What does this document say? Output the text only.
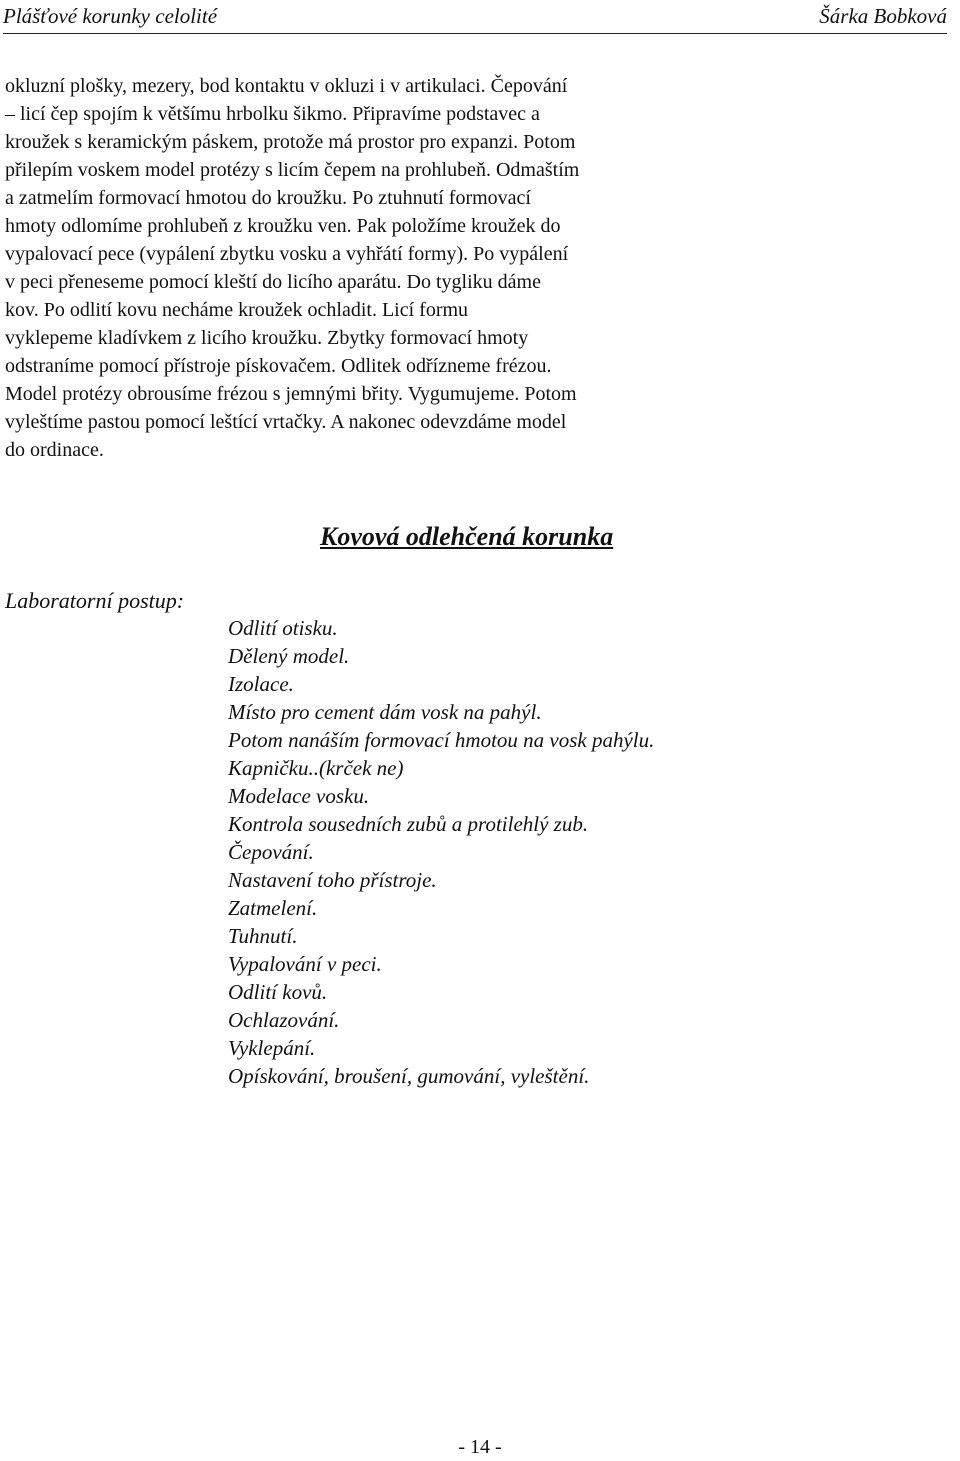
Plášťové korunky celolité	Šárka Bobková

okluzní plošky, mezery, bod kontaktu v okluzi i v artikulaci. Čepování
– licí čep spojím k většímu hrbolku šikmo. Připravíme podstavec a
kroužek s keramickým páskem, protože má prostor pro expanzi. Potom
přilepím voskem model protézy s licím čepem na prohlubeň. Odmaštím
a zatmelím formovací hmotou do kroužku. Po ztuhnutí formovací
hmoty odlomíme prohlubeň z kroužku ven. Pak položíme kroužek do
vypalovací pece (vypálení zbytku vosku a vyhřátí formy). Po vypálení
v peci přeneseme pomocí kleští do licího aparátu. Do tygliku dáme
kov. Po odlití kovu necháme kroužek ochladit. Licí formu
vyklepeme kladívkem z licího kroužku. Zbytky formovací hmoty
odstraníme pomocí přístroje pískovačem. Odlitek odřízneme frézou.
Model protézy obrousíme frézou s jemnými břity. Vygumujeme. Potom
vyleštíme pastou pomocí leštící vrtačky. A nakonec odevzdáme model
do ordinace.

Kovová odlehčená korunka
Laboratorní postup:
Odlití otisku.
Dělený model.
Izolace.
Místo pro cement dám vosk na pahýl.
Potom nanáším formovací hmotou na vosk pahýlu.
Kapničku..(krček ne)
Modelace vosku.
Kontrola sousedních zubů a protilehlý zub.
Čepování.
Nastavení toho přístroje.
Zatmelení.
Tuhnutí.
Vypalování v peci.
Odlití kovů.
Ochlazování.
Vyklepání.
Opískování, broušení, gumování, vyleštění.
- 14 -
